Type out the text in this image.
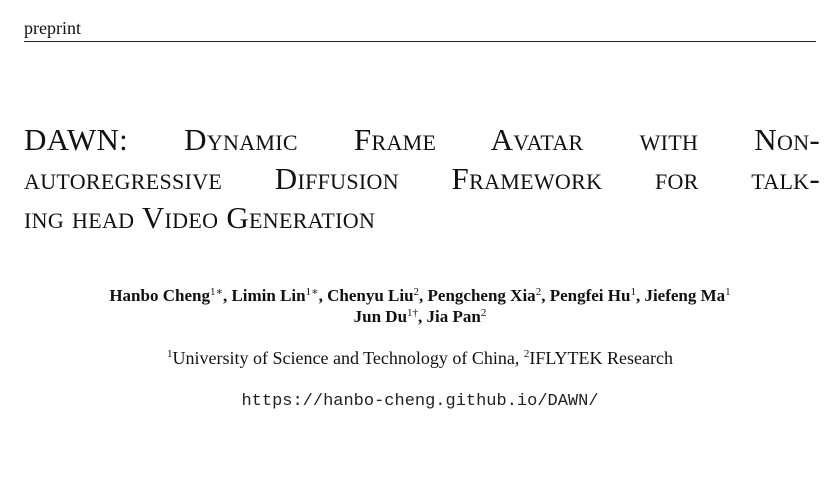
preprint
DAWN: Dynamic Frame Avatar with Non-
autoregressive Diffusion Framework for talk-
ing head Video Generation
Hanbo Cheng$^{1∗}$, Limin Lin$^{1∗}$, Chenyu Liu$^2$, Pengcheng Xia$^2$, Pengfei Hu$^1$, Jiefeng Ma$^1$
Jun $Du^{1\dagger}$, Jia Pan$^2$
$^1$University of Science and Technology of China, $^2$IFLYTEK Research
https://hanbo-cheng.github.io/DAWN/
